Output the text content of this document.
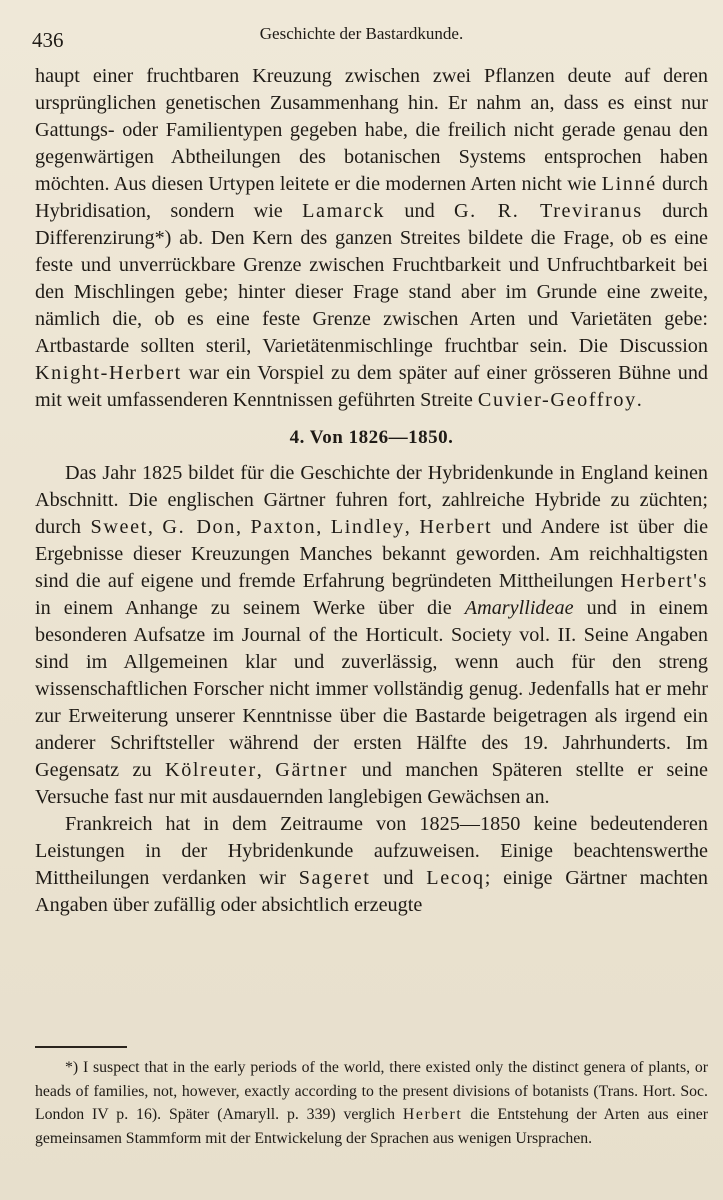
436	Geschichte der Bastardkunde.

haupt einer fruchtbaren Kreuzung zwischen zwei Pflanzen deute auf deren ursprünglichen genetischen Zusammenhang hin. Er nahm an, dass es einst nur Gattungs- oder Familientypen gegeben habe, die freilich nicht gerade genau den gegenwärtigen Abtheilungen des botanischen Systems entsprochen haben möchten. Aus diesen Urtypen leitete er die modernen Arten nicht wie Linné durch Hybridisation, sondern wie Lamarck und G. R. Treviranus durch Differenzirung*) ab. Den Kern des ganzen Streites bildete die Frage, ob es eine feste und unverrückbare Grenze zwischen Fruchtbarkeit und Unfruchtbarkeit bei den Mischlingen gebe; hinter dieser Frage stand aber im Grunde eine zweite, nämlich die, ob es eine feste Grenze zwischen Arten und Varietäten gebe: Artbastarde sollten steril, Varietätenmischlinge fruchtbar sein. Die Discussion Knight-Herbert war ein Vorspiel zu dem später auf einer grösseren Bühne und mit weit umfassenderen Kenntnissen geführten Streite Cuvier-Geoffroy.

4. Von 1826—1850.

Das Jahr 1825 bildet für die Geschichte der Hybridenkunde in England keinen Abschnitt. Die englischen Gärtner fuhren fort, zahlreiche Hybride zu züchten; durch Sweet, G. Don, Paxton, Lindley, Herbert und Andere ist über die Ergebnisse dieser Kreuzungen Manches bekannt geworden. Am reichhaltigsten sind die auf eigene und fremde Erfahrung begründeten Mittheilungen Herbert's in einem Anhange zu seinem Werke über die Amaryllideae und in einem besonderen Aufsatze im Journal of the Horticult. Society vol. II. Seine Angaben sind im Allgemeinen klar und zuverlässig, wenn auch für den streng wissenschaftlichen Forscher nicht immer vollständig genug. Jedenfalls hat er mehr zur Erweiterung unserer Kenntnisse über die Bastarde beigetragen als irgend ein anderer Schriftsteller während der ersten Hälfte des 19. Jahrhunderts. Im Gegensatz zu Kölreuter, Gärtner und manchen Späteren stellte er seine Versuche fast nur mit ausdauernden langlebigen Gewächsen an.

Frankreich hat in dem Zeitraume von 1825—1850 keine bedeutenderen Leistungen in der Hybridenkunde aufzuweisen. Einige beachtenswerthe Mittheilungen verdanken wir Sageret und Lecoq; einige Gärtner machten Angaben über zufällig oder absichtlich erzeugte

*) I suspect that in the early periods of the world, there existed only the distinct genera of plants, or heads of families, not, however, exactly according to the present divisions of botanists (Trans. Hort. Soc. London IV p. 16). Später (Amaryll. p. 339) verglich Herbert die Entstehung der Arten aus einer gemeinsamen Stammform mit der Entwickelung der Sprachen aus wenigen Ursprachen.
